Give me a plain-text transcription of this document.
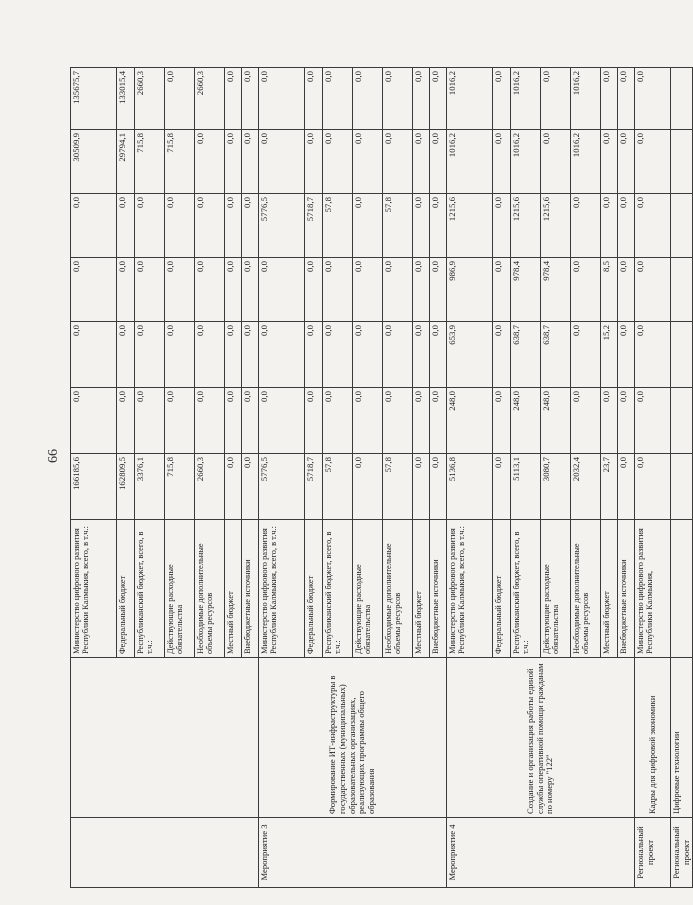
66
		Министерство цифрового развития Республики Калмыкия, всего, в т.ч.:	166185,6	0,0	0,0	0,0	0,0	30509,9	135675,7
		Федеральный бюджет	162809,5	0,0	0,0	0,0	0,0	29794,1	133015,4
		Республиканский бюджет, всего, в т.ч.:	3376,1	0,0	0,0	0,0	0,0	715,8	2660,3
		Действующие расходные обязательства	715,8	0,0	0,0	0,0	0,0	715,8	0,0
		Необходимые дополнительные объемы ресурсов	2660,3	0,0	0,0	0,0	0,0	0,0	2660,3
		Местный бюджет	0,0	0,0	0,0	0,0	0,0	0,0	0,0
		Внебюджетные источники	0,0	0,0	0,0	0,0	0,0	0,0	0,0
Мероприятие 3	Формирование ИТ-инфраструктуры в государственных (муниципальных) образовательных организациях, реализующих программы общего образования	Министерство цифрового развития Республики Калмыкия, всего, в т.ч.:	5776,5	0,0	0,0	0,0	5776,5	0,0	0,0
		Федеральный бюджет	5718,7	0,0	0,0	0,0	5718,7	0,0	0,0
		Республиканский бюджет, всего, в т.ч.:	57,8	0,0	0,0	0,0	57,8	0,0	0,0
		Действующие расходные обязательства	0,0	0,0	0,0	0,0	0,0	0,0	0,0
		Необходимые дополнительные объемы ресурсов	57,8	0,0	0,0	0,0	57,8	0,0	0,0
		Местный бюджет	0,0	0,0	0,0	0,0	0,0	0,0	0,0
		Внебюджетные источники	0,0	0,0	0,0	0,0	0,0	0,0	0,0
Мероприятие 4	Создание и организация работы единой службы оперативной помощи гражданам по номеру "122"	Министерство цифрового развития Республики Калмыкия, всего, в т.ч.:	5136,8	248,0	653,9	986,9	1215,6	1016,2	1016,2
		Федеральный бюджет	0,0	0,0	0,0	0,0	0,0	0,0	0,0
		Республиканский бюджет, всего, в т.ч.:	5113,1	248,0	638,7	978,4	1215,6	1016,2	1016,2
		Действующие расходные обязательства	3080,7	248,0	638,7	978,4	1215,6	0,0	0,0
		Необходимые дополнительные объемы ресурсов	2032,4	0,0	0,0	0,0	0,0	1016,2	1016,2
		Местный бюджет	23,7	0,0	15,2	8,5	0,0	0,0	0,0
		Внебюджетные источники	0,0	0,0	0,0	0,0	0,0	0,0	0,0
Региональный проект	Кадры для цифровой экономики	Министерство цифрового развития Республики Калмыкия,	0,0	0,0	0,0	0,0	0,0	0,0	0,0
Региональный проект	Цифровые технологии								
